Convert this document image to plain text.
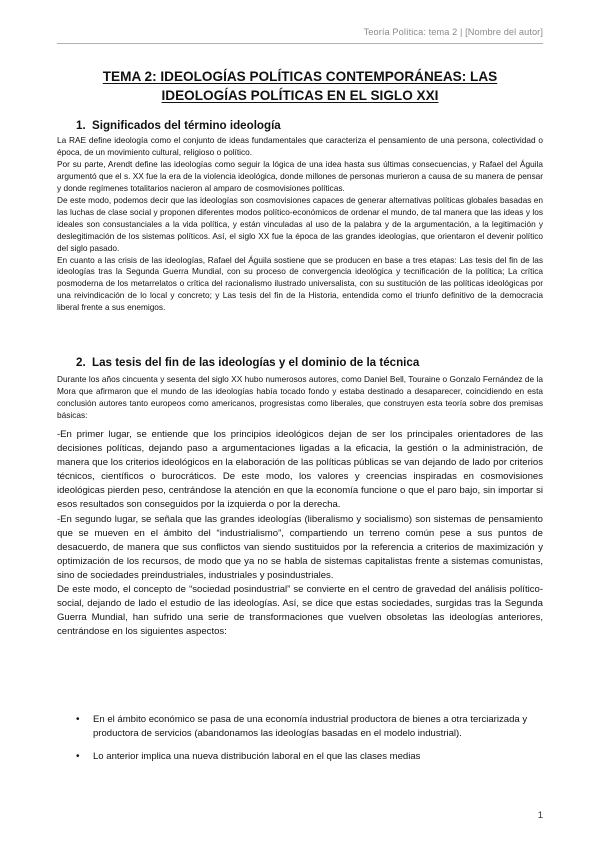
Teoría Política: tema 2 | [Nombre del autor]
TEMA 2: IDEOLOGÍAS POLÍTICAS CONTEMPORÁNEAS: LAS
IDEOLOGÍAS POLÍTICAS EN EL SIGLO XXI
1. Significados del término ideología

La RAE define ideología como el conjunto de ideas fundamentales que caracteriza el pensamiento de una persona, colectividad o época, de un movimiento cultural, religioso o político.

Por su parte, Arendt define las ideologías como seguir la lógica de una idea hasta sus últimas consecuencias, y Rafael del Águila argumentó que el s. XX fue la era de la violencia ideológica, donde millones de personas murieron a causa de su manera de pensar y donde regímenes totalitarios nacieron al amparo de cosmovisiones políticas.

De este modo, podemos decir que las ideologías son cosmovisiones capaces de generar alternativas políticas globales basadas en las luchas de clase social y proponen diferentes modos político-económicos de ordenar el mundo, de tal manera que las ideas y los ideales son consustanciales a la vida política, y están vinculadas al uso de la palabra y de la argumentación, a la legitimación y deslegitimación de los sistemas políticos. Así, el siglo XX fue la época de las grandes ideologías, que orientaron el devenir político del siglo pasado.

En cuanto a las crisis de las ideologías, Rafael del Águila sostiene que se producen en base a tres etapas: Las tesis del fin de las ideologías tras la Segunda Guerra Mundial, con su proceso de convergencia ideológica y tecnificación de la política; La crítica posmoderna de los metarrelatos o crítica del racionalismo ilustrado universalista, con su sustitución de las políticas ideológicas por una reivindicación de lo local y concreto; y Las tesis del fin de la Historia, entendida como el triunfo definitivo de la democracia liberal frente a sus enemigos.

2. Las tesis del fin de las ideologías y el dominio de la técnica

Durante los años cincuenta y sesenta del siglo XX hubo numerosos autores, como Daniel Bell, Touraine o Gonzalo Fernández de la Mora que afirmaron que el mundo de las ideologías había tocado fondo y estaba destinado a desaparecer, coincidiendo en esta conclusión autores tanto europeos como americanos, progresistas como liberales, que construyen esta teoría sobre dos premisas básicas:

-En primer lugar, se entiende que los principios ideológicos dejan de ser los principales orientadores de las decisiones políticas, dejando paso a argumentaciones ligadas a la eficacia, la gestión o la administración, de manera que los criterios ideológicos en la elaboración de las políticas públicas se van dejando de lado por criterios técnicos, científicos o burocráticos. De este modo, los valores y creencias inspiradas en cosmovisiones ideológicas pierden peso, centrándose la atención en que la economía funcione o que el paro bajo, sin importar si esos resultados son conseguidos por la izquierda o por la derecha.

-En segundo lugar, se señala que las grandes ideologías (liberalismo y socialismo) son sistemas de pensamiento que se mueven en el ámbito del “industrialismo”, compartiendo un terreno común pese a sus puntos de desacuerdo, de manera que sus conflictos van siendo sustituidos por la referencia a criterios de maximización y optimización de los recursos, de modo que ya no se habla de sistemas capitalistas frente a sistemas comunistas, sino de sociedades preindustriales, industriales y posindustriales.

De este modo, el concepto de “sociedad posindustrial” se convierte en el centro de gravedad del análisis político-social, dejando de lado el estudio de las ideologías. Así, se dice que estas sociedades, surgidas tras la Segunda Guerra Mundial, han sufrido una serie de transformaciones que vuelven obsoletas las ideologías anteriores, centrándose en los siguientes aspectos:

• En el ámbito económico se pasa de una economía industrial productora de bienes a otra terciarizada y productora de servicios (abandonamos las ideologías basadas en el modelo industrial).
• Lo anterior implica una nueva distribución laboral en el que las clases medias
1
